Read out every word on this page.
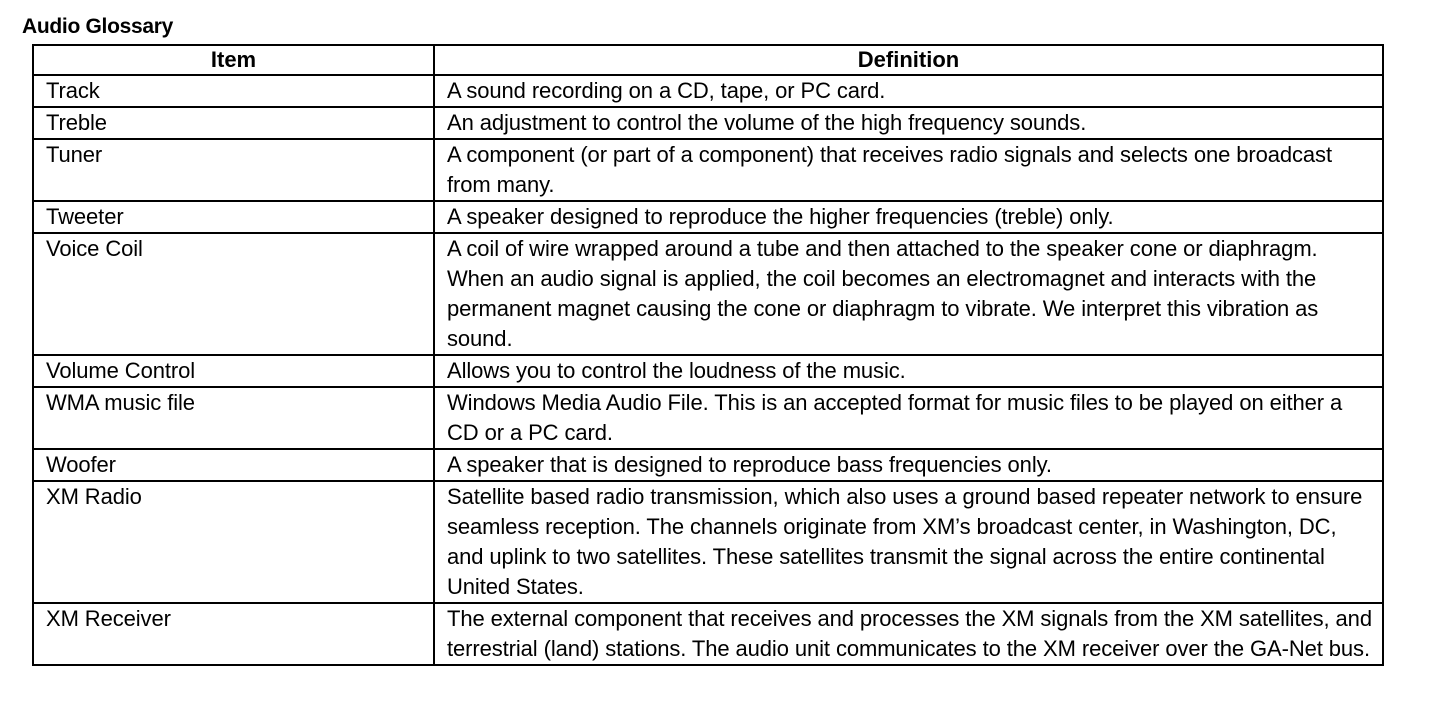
Audio Glossary
Item	Definition
Track	A sound recording on a CD, tape, or PC card.
Treble	An adjustment to control the volume of the high frequency sounds.
Tuner	A component (or part of a component) that receives radio signals and selects one broadcast from many.
Tweeter	A speaker designed to reproduce the higher frequencies (treble) only.
Voice Coil	A coil of wire wrapped around a tube and then attached to the speaker cone or diaphragm. When an audio signal is applied, the coil becomes an electromagnet and interacts with the permanent magnet causing the cone or diaphragm to vibrate. We interpret this vibration as sound.
Volume Control	Allows you to control the loudness of the music.
WMA music file	Windows Media Audio File. This is an accepted format for music files to be played on either a CD or a PC card.
Woofer	A speaker that is designed to reproduce bass frequencies only.
XM Radio	Satellite based radio transmission, which also uses a ground based repeater network to ensure seamless reception. The channels originate from XM’s broadcast center, in Washington, DC, and uplink to two satellites. These satellites transmit the signal across the entire continental United States.
XM Receiver	The external component that receives and processes the XM signals from the XM satellites, and terrestrial (land) stations. The audio unit communicates to the XM receiver over the GA-Net bus.
